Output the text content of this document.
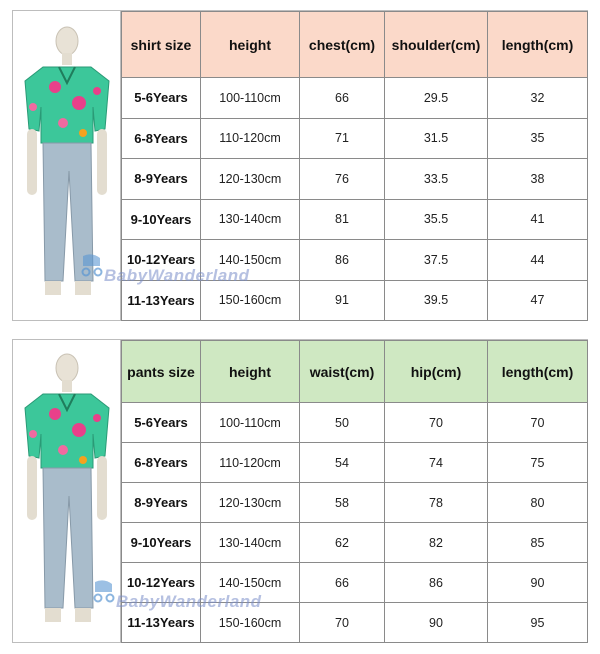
shirt size	height	chest(cm)	shoulder(cm)	length(cm)
5-6Years	100-110cm	66	29.5	32
6-8Years	110-120cm	71	31.5	35
8-9Years	120-130cm	76	33.5	38
9-10Years	130-140cm	81	35.5	41
10-12Years	140-150cm	86	37.5	44
11-13Years	150-160cm	91	39.5	47
BabyWanderland
pants size	height	waist(cm)	hip(cm)	length(cm)
5-6Years	100-110cm	50	70	70
6-8Years	110-120cm	54	74	75
8-9Years	120-130cm	58	78	80
9-10Years	130-140cm	62	82	85
10-12Years	140-150cm	66	86	90
11-13Years	150-160cm	70	90	95
BabyWanderland
